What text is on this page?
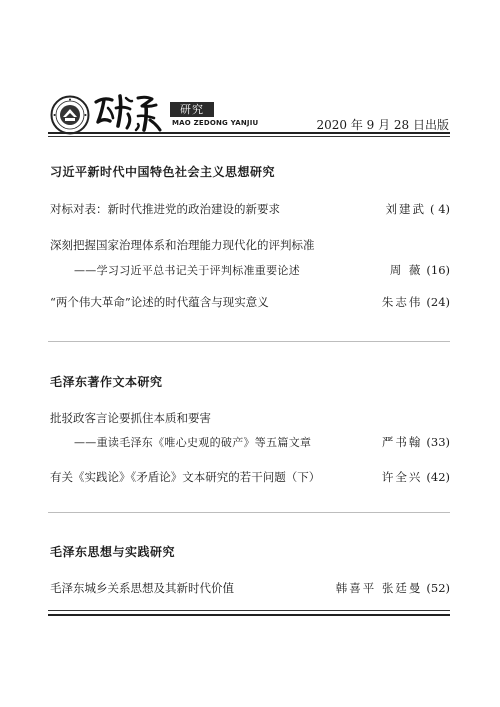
研究
MAO ZEDONG YANJIU	2020 年 9 月 28 日出版
习近平新时代中国特色社会主义思想研究
对标对表：新时代推进党的政治建设的新要求	刘建武 ( 4)
深刻把握国家治理体系和治理能力现代化的评判标准
——学习习近平总书记关于评判标准重要论述	周 薇 (16)
“两个伟大革命”论述的时代蕴含与现实意义	朱志伟 (24)
毛泽东著作文本研究
批驳政客言论要抓住本质和要害
——重读毛泽东《唯心史观的破产》等五篇文章	严书翰 (33)
有关《实践论》《矛盾论》文本研究的若干问题（下）	许全兴 (42)
毛泽东思想与实践研究
毛泽东城乡关系思想及其新时代价值	韩喜平 张廷曼 (52)
